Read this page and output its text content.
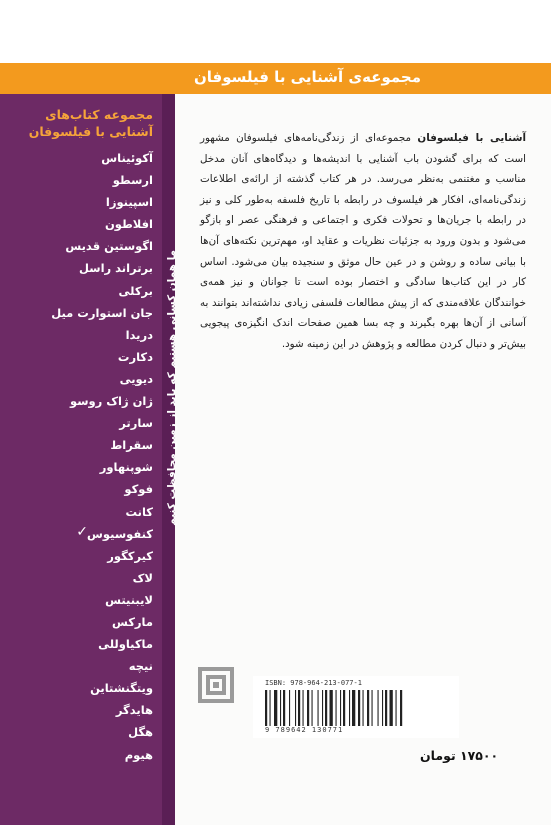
مجموعه‌ی آشنایی با فیلسوفان
ما همان کسانی هستیم که باید از زمین محافظت کنیم
مجموعه کتاب‌های
آشنایی با فیلسوفان
آکوئیناس
ارسطو
اسپینوزا
افلاطون
اگوستین قدیس
برتراند راسل
برکلی
جان استوارت میل
دریدا
دکارت
دیویی
ژان ژاک روسو
سارتر
سقراط
شوپنهاور
فوکو
کانت
کنفوسیوس
✓
کیرکگور
لاک
لایبنیتس
مارکس
ماکیاوللی
نیچه
ویتگنشتاین
هایدگر
هگل
هیوم
آشنایی با فیلسوفان مجموعه‌ای از زندگی‌نامه‌های فیلسوفان مشهور است که برای گشودن باب آشنایی با اندیشه‌ها و دیدگاه‌های آنان مدخل مناسب و مغتنمی به‌نظر می‌رسد. در هر کتاب گذشته از ارائه‌ی اطلاعات زندگی‌نامه‌ای، افکار هر فیلسوف در رابطه با تاریخ فلسفه به‌طور کلی و نیز در رابطه با جریان‌ها و تحولات فکری و اجتماعی و فرهنگی عصر او بازگو می‌شود و بدون ورود به جزئیات نظریات و عقاید او، مهم‌ترین نکته‌های آن‌ها با بیانی ساده و روشن و در عین حال موثق و سنجیده بیان می‌شود. اساس کار در این کتاب‌ها سادگی و اختصار بوده است تا جوانان و نیز همه‌ی خوانندگان علاقه‌مندی که از پیش مطالعات فلسفی زیادی نداشته‌اند بتوانند به آسانی از آن‌ها بهره بگیرند و چه بسا همین صفحات اندک انگیزه‌ی پیجویی بیش‌تر و دنبال کردن مطالعه و پژوهش در این زمینه شود.
ISBN: 978-964-213-077-1
9 789642 130771
۱۷۵۰۰ تومان
